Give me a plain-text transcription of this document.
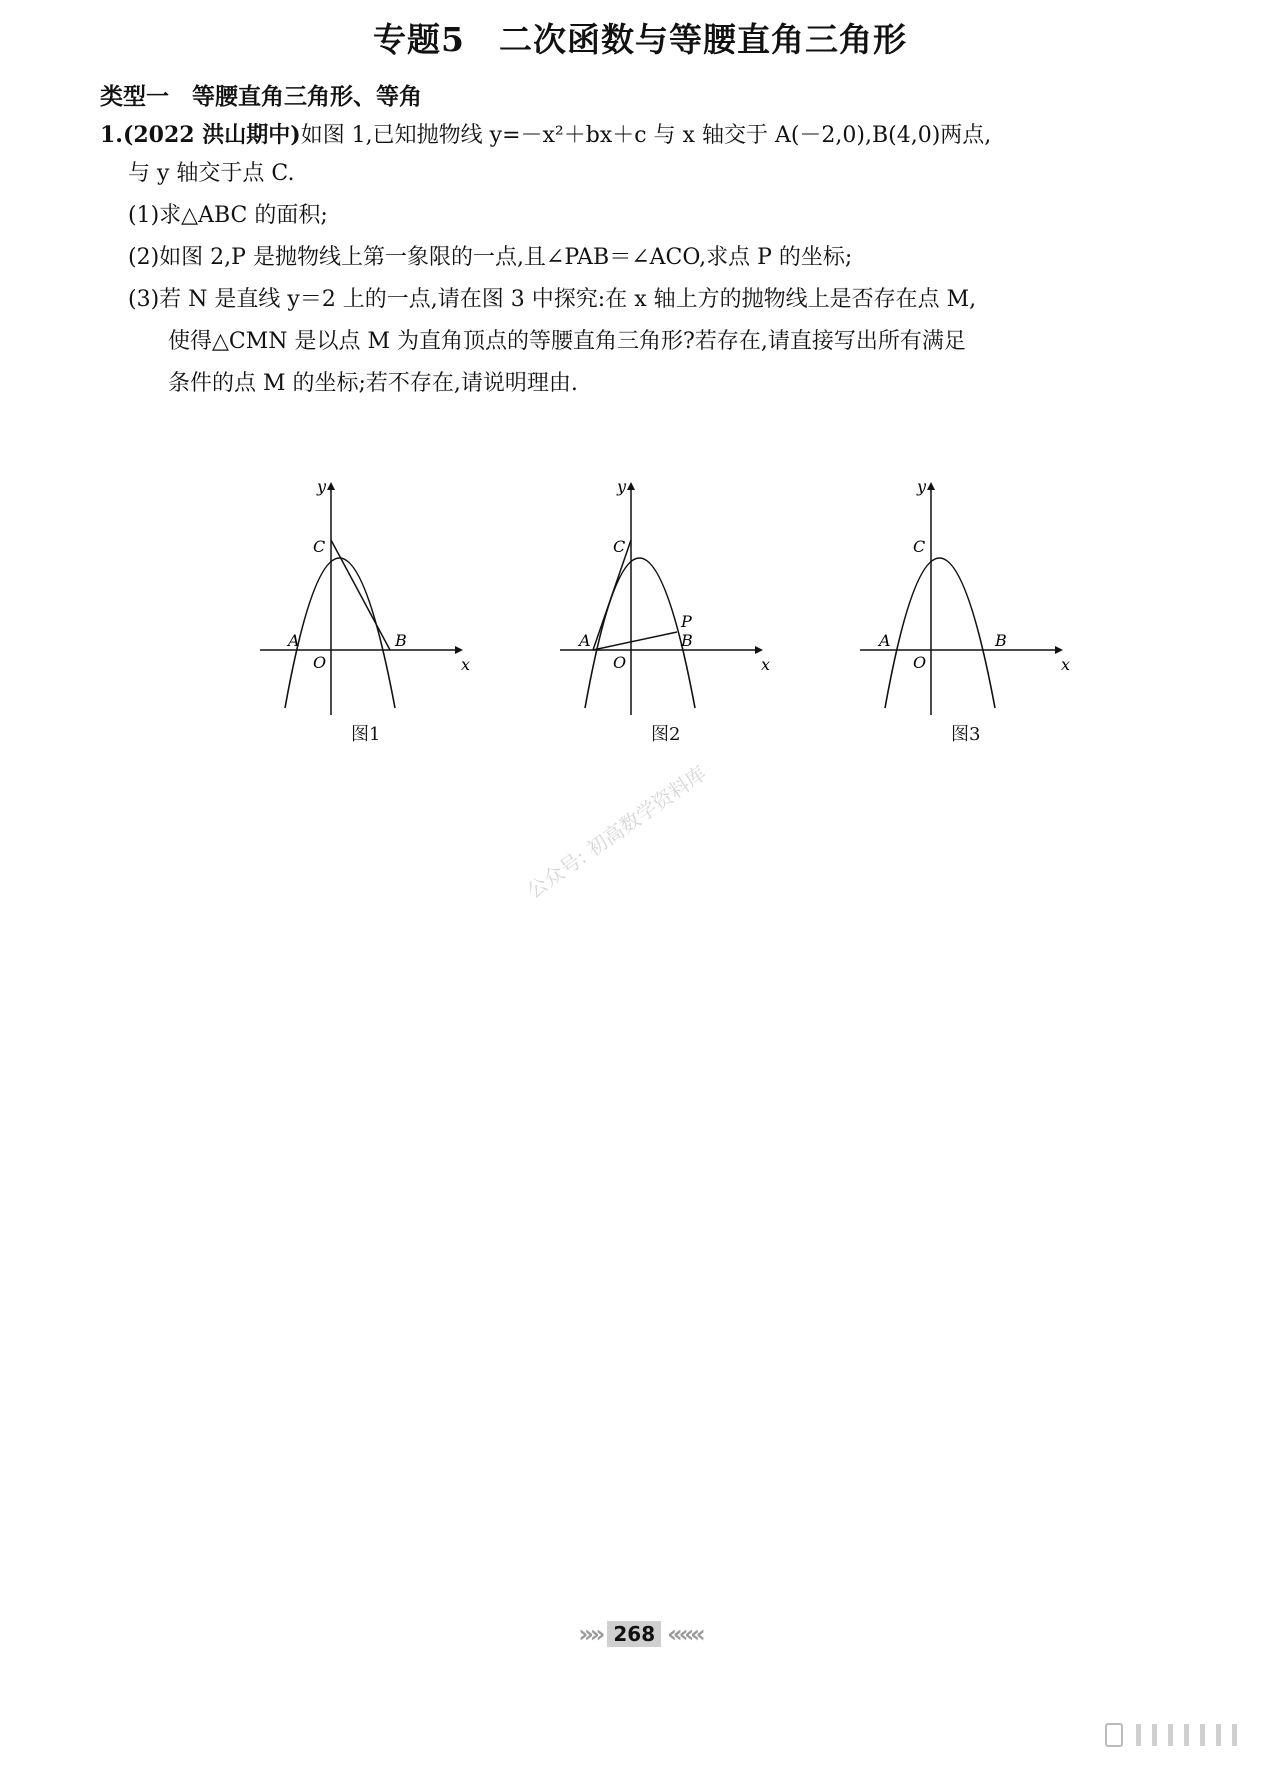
专题5　二次函数与等腰直角三角形
类型一　等腰直角三角形、等角
1.(2022 洪山期中)如图 1,已知抛物线 y=－x²＋bx＋c 与 x 轴交于 A(－2,0),B(4,0)两点,
与 y 轴交于点 C.
(1)求△ABC 的面积;
(2)如图 2,P 是抛物线上第一象限的一点,且∠PAB＝∠ACO,求点 P 的坐标;
(3)若 N 是直线 y＝2 上的一点,请在图 3 中探究:在 x 轴上方的抛物线上是否存在点 M,
使得△CMN 是以点 M 为直角顶点的等腰直角三角形?若存在,请直接写出所有满足
条件的点 M 的坐标;若不存在,请说明理由.
y
x
C
A
O
B
y
x
C
A
O
B
P
y
x
C
A
O
B
图1	图2	图3
公众号: 初高数学资料库
»» 268 «««
